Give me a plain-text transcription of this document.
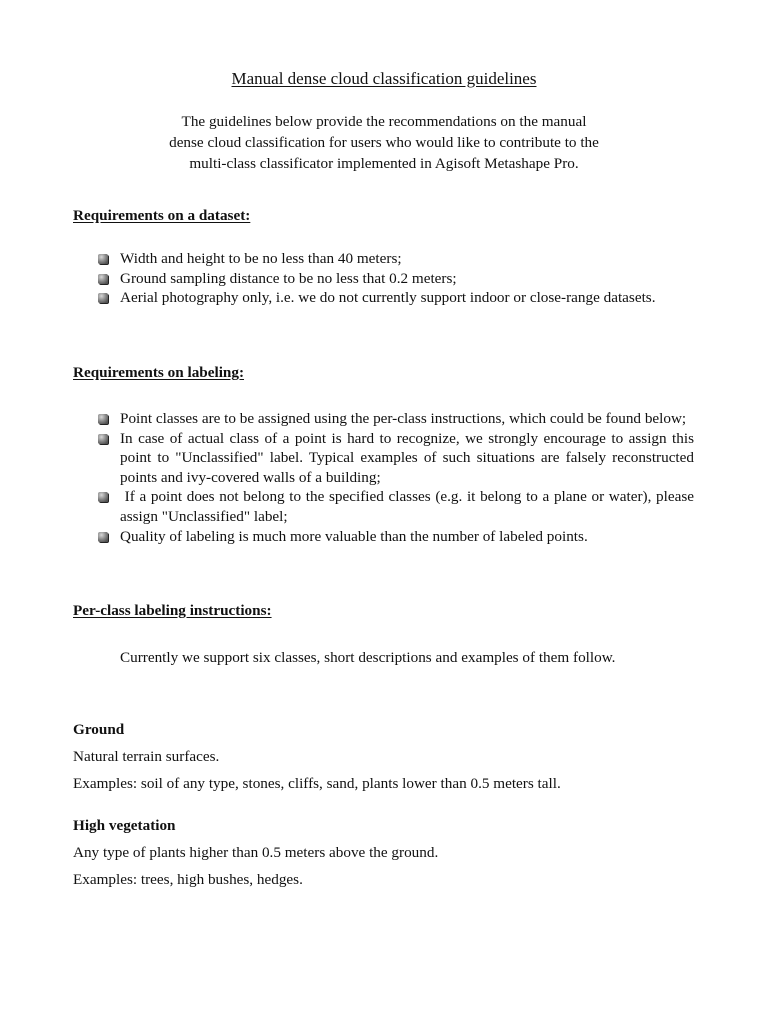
Manual dense cloud classification guidelines

The guidelines below provide the recommendations on the manual

dense cloud classification for users who would like to contribute to the

multi-class classificator implemented in Agisoft Metashape Pro.

Requirements on a dataset:
Width and height to be no less than 40 meters;
Ground sampling distance to be no less that 0.2 meters;
Aerial photography only, i.e. we do not currently support indoor or close-range datasets.
Requirements on labeling:
Point classes are to be assigned using the per-class instructions, which could be found below;
In case of actual class of a point is hard to recognize, we strongly encourage to assign this point to "Unclassified" label. Typical examples of such situations are falsely reconstructed points and ivy-covered walls of a building;
If a point does not belong to the specified classes (e.g. it belong to a plane or water), please assign "Unclassified" label;
Quality of labeling is much more valuable than the number of labeled points.
Per-class labeling instructions:

Currently we support six classes, short descriptions and examples of them follow.

Ground

Natural terrain surfaces.

Examples: soil of any type, stones, cliffs, sand, plants lower than 0.5 meters tall.

High vegetation

Any type of plants higher than 0.5 meters above the ground.

Examples: trees, high bushes, hedges.
